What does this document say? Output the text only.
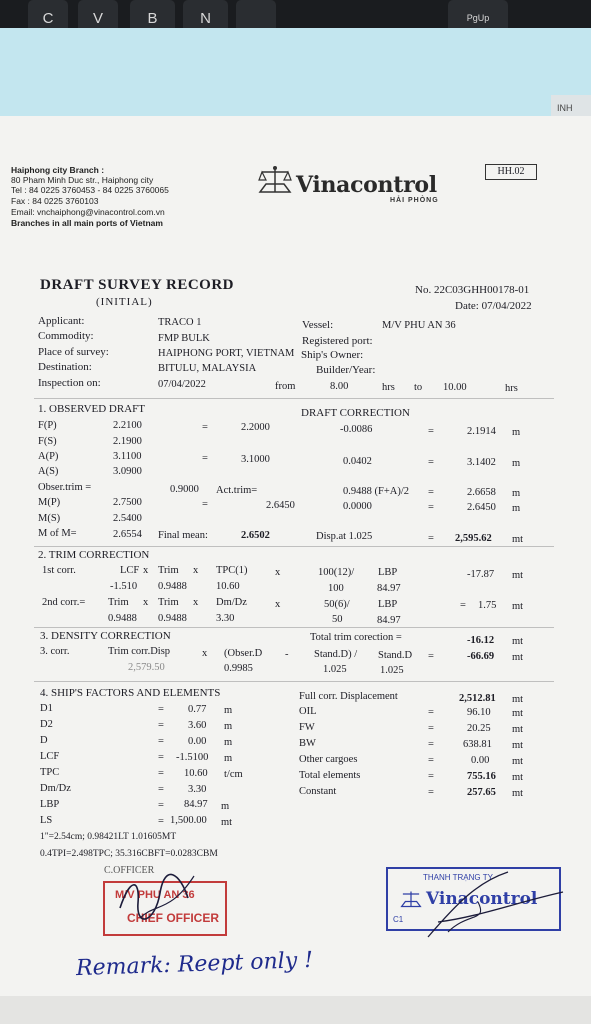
C	V	B	N	PgUp
INH
Haiphong city Branch :
80 Pham Minh Duc str., Haiphong city
Tel : 84 0225 3760453 - 84 0225 3760065
Fax : 84 0225 3760103
Email: vnchaiphong@vinacontrol.com.vn
Branches in all main ports of Vietnam
Vinacontrol
HẢI PHÒNG
HH.02
DRAFT SURVEY RECORD
(INITIAL)
No. 22C03GHH00178-01
Date: 07/04/2022
Applicant:	TRACO 1	Vessel:	M/V PHU AN 36
Commodity:	FMP BULK	Registered port:
Place of survey:	HAIPHONG PORT, VIETNAM Ship's Owner:
Destination:	BITULU, MALAYSIA	Builder/Year:
Inspection on:	07/04/2022	from	8.00	hrs to 10.00	hrs
1. OBSERVED DRAFT	DRAFT CORRECTION
F(P)	2.2100	=	2.2000	-0.0086	=	2.1914 m
F(S)	2.1900
A(P)	3.1100	=	3.1000	0.0402	=	3.1402 m
A(S)	3.0900
Obser.trim =	0.9000 Act.trim=	0.9488 (F+A)/2 =	2.6658 m
M(P)	2.7500	=	2.6450	0.0000	=	2.6450 m
M(S)	2.5400
M of M=	2.6554 Final mean:	2.6502	Disp.at 1.025	= 2,595.62 mt
2. TRIM CORRECTION
1st corr.	LCF x Trim x TPC(1)	x	100(12)/ LBP	-17.87 mt
-1.510 0.9488	10.60	100	84.97
2nd corr.= Trim x Trim x Dm/Dz	x	50(6)/	LBP	= 1.75 mt
0.9488 0.9488	3.30	50	84.97
3. DENSITY CORRECTION	Total trim corection =	-16.12 mt
3. corr.	Trim corr.Disp	x (Obser.D - Stand.D) / Stand.D =	-66.69 mt
2,579.50	0.9985	1.025	1.025
4. SHIP'S FACTORS AND ELEMENTS
D1	= 0.77 m
D2	= 3.60 m
D	= 0.00 m
LCF	= -1.5100 m
TPC	= 10.60 t/cm
Dm/Dz	= 3.30
LBP	= 84.97 m
LS	= 1,500.00 mt
Full corr. Displacement	2,512.81 mt
OIL	=	96.10 mt
FW	=	20.25 mt
BW	=	638.81 mt
Other cargoes	=	0.00 mt
Total elements	=	755.16 mt
Constant	=	257.65 mt
1"=2.54cm; 0.98421LT 1.01605MT
0.4TPI=2.498TPC; 35.316CBFT=0.0283CBM
C.OFFICER
M/V PHU AN 36
CHIEF OFFICER
THANH TRẠNG TY
Vinacontrol
C1
Remark: Reept only !
